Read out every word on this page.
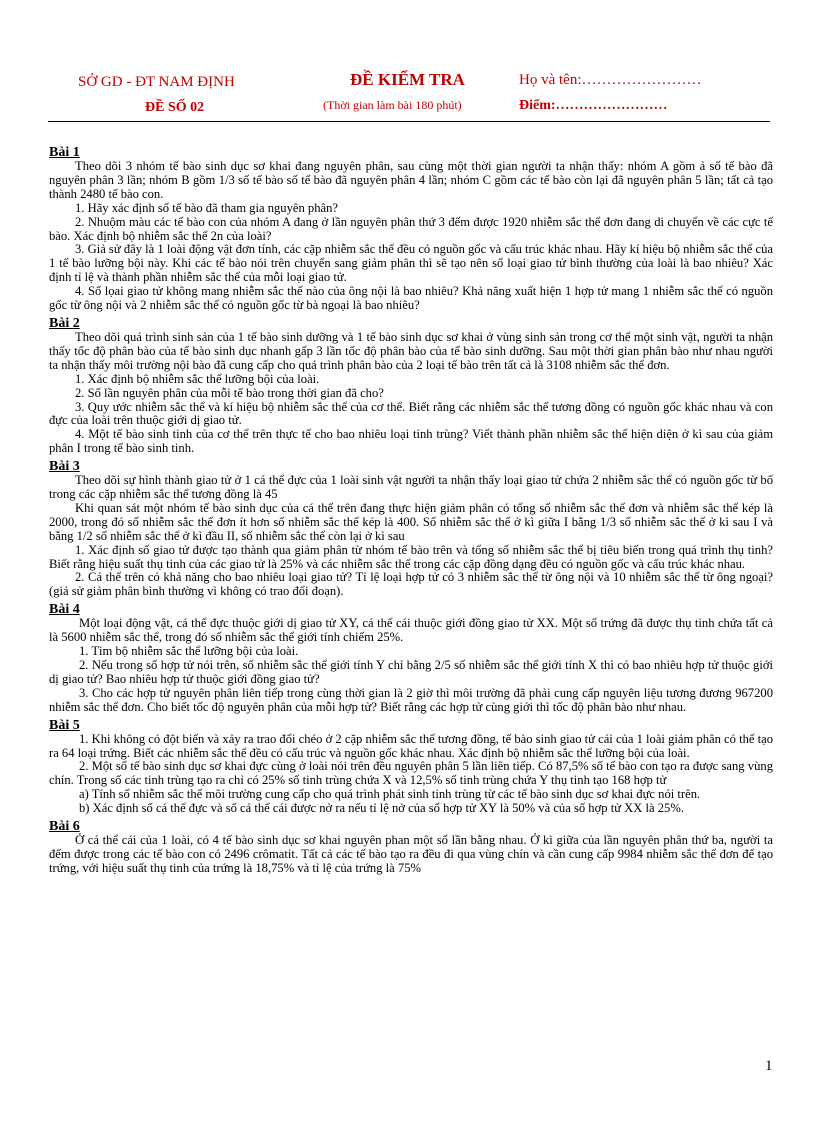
SỞ GD - ĐT NAM ĐỊNH
ĐỀ SỐ 02
ĐỀ KIỂM TRA
(Thời gian làm bài 180 phút)
Họ và tên:……………………
Điểm:……………………
Bài 1

Theo dõi 3 nhóm tế bào sinh dục sơ khai đang nguyên phân, sau cùng một thời gian người ta nhận thấy: nhóm A gồm ả số tế bào đã nguyên phân 3 lần; nhóm B gồm 1/3 số tế bào số tế bào đã nguyên phân 4 lần; nhóm C gồm các tế bào còn lại đã nguyên phân 5 lần; tất cả tạo thành 2480 tế bào con.

1. Hãy xác định số tế bào đã tham gia nguyên phân?

2. Nhuộm màu các tế bào con của nhóm A đang ở lần nguyên phân thứ 3 đếm được 1920 nhiễm sắc thể đơn đang di chuyển về các cực tế bào. Xác định bộ nhiễm sắc thể 2n của loài?

3. Giả sử đây là 1 loài động vật đơn tính, các cặp nhiễm sắc thể đều có nguồn gốc và cấu trúc khác nhau. Hãy kí hiệu bộ nhiễm sắc thể của 1 tế bào lưỡng bội này. Khi các tế bào nói trên chuyển sang giảm phân thì sẽ tạo nên số loại giao tử bình thường của loài là bao nhiêu? Xác định tỉ lệ và thành phần nhiễm sắc thể của mỗi loại giao tử.

4. Số lọai giao tử không mang nhiễm sắc thể nào của ông nội là bao nhiêu? Khả năng xuất hiện 1 hợp tử mang 1 nhiễm sắc thể có nguồn gốc từ ông nội và 2 nhiễm sắc thể có nguồn gốc từ bà ngoại là bao nhiêu?

Bài 2

Theo dõi quá trình sinh sản của 1 tế bào sinh dưỡng và 1 tế bào sinh dục sơ khai ở vùng sinh sản trong cơ thể một sinh vật, người ta nhận thấy tốc độ phân bào của tế bào sinh dục nhanh gấp 3 lần tốc độ phân bào của tế bào sinh dưỡng. Sau một thời gian phân bào như nhau người ta nhận thấy môi trường nội bào đã cung cấp cho quá trình phân bào của 2 loại tế bào trên tất cả là 3108 nhiễm sắc thể đơn.

1. Xác định bộ nhiễm sắc thể lưỡng bội của loài.

2. Số lần nguyên phân của mỗi tế bào trong thời gian đã cho?

3. Quy ước nhiễm sắc thể và kí hiệu bộ nhiễm sắc thể của cơ thể. Biết rằng các nhiễm sắc thể tương đồng có nguồn gốc khác nhau và con đực của loài trên thuộc giới dị giao tử.

4. Một tế bào sinh tinh của cơ thể trên thực tế cho bao nhiêu loại tinh trùng? Viết thành phần nhiễm sắc thể hiện diện ở kì sau của giảm phân I trong tế bào sinh tinh.

Bài 3

Theo dõi sự hình thành giao tử ở 1 cá thể đực của 1 loài sinh vật người ta nhận thấy loại giao tử chứa 2 nhiễm sắc thể có nguồn gốc từ bố trong các cặp nhiễm sắc thể tương đồng là 45

Khi quan sát một nhóm tế bào sinh dục của cá thể trên đang thực hiện giảm phân có tổng số nhiễm sắc thể đơn và nhiễm sắc thể kép là 2000, trong đó số nhiễm sắc thể đơn ít hơn số nhiễm sắc thể kép là 400. Số nhiễm sắc thể ở kì giữa I bằng 1/3 số nhiễm sắc thể ở kì sau I và bằng 1/2 số nhiễm sắc thể ở kì đầu II, số nhiễm sắc thể còn lại ở kì sau

1. Xác định số giao tử được tạo thành qua giảm phân từ nhóm tế bào trên và tổng số nhiễm sắc thể bị tiêu biến trong quá trình thụ tinh? Biết rằng hiệu suất thụ tinh của các giao tử là 25% và các nhiễm sắc thể trong các cặp đồng dạng đều có nguồn gốc và cấu trúc khác nhau.

2. Cá thể trên có khả năng cho bao nhiêu loại giao tử? Tỉ lệ loại hợp tử có 3 nhiễm sắc thể từ ông nội và 10 nhiễm sắc thể từ ông ngoại? (giả sử giảm phân bình thường vì không có trao đổi đoạn).

Bài 4

Một loại động vật, cá thể đực thuộc giới dị giao tử XY, cá thể cái thuộc giới đồng giao tử XX. Một số trứng đã được thụ tinh chứa tất cả là 5600 nhiễm sắc thể, trong đó số nhiễm sắc thể giới tính chiếm 25%.

1. Tìm bộ nhiễm sắc thể lưỡng bội của loài.

2. Nếu trong số hợp tử nói trên, số nhiễm sắc thể giới tính Y chỉ bằng 2/5 số nhiễm sắc thể giới tính X thì có bao nhiêu hợp tử thuộc giới dị giao tử? Bao nhiêu hợp tử thuộc giới đồng giao tử?

3. Cho các hợp tử nguyên phân liên tiếp trong cùng thời gian là 2 giờ thì môi trường đã phải cung cấp nguyên liệu tương đương 967200 nhiễm sắc thể đơn. Cho biết tốc độ nguyên phân của mỗi hợp tử? Biết rằng các hợp tử cùng giới thì tốc độ phân bào như nhau.

Bài 5

1. Khi không có đột biến và xảy ra trao đổi chéo ở 2 cặp nhiễm sắc thể tương đồng, tế bào sinh giao tử cái của 1 loài giảm phân có thể tạo ra 64 loại trứng. Biết các nhiễm sắc thể đều có cấu trúc và nguồn gốc khác nhau. Xác định bộ nhiễm sắc thể lưỡng bội của loài.

2. Một số tế bào sinh dục sơ khai đực cùng ở loài nói trên đều nguyên phân 5 lần liên tiếp. Có 87,5% số tế bào con tạo ra được sang vùng chín. Trong số các tinh trùng tạo ra chỉ có 25% số tinh trùng chứa X và 12,5% số tinh trùng chứa Y thụ tinh tạo 168 hợp tử

a) Tính số nhiễm sắc thể môi trường cung cấp cho quá trình phát sinh tinh trùng từ các tế bào sinh dục sơ khai đực nói trên.

b) Xác định số cá thể đực và số cá thể cái được nở ra nếu tỉ lệ nở của số hợp tử XY là 50% và của số hợp tử XX là 25%.

Bài 6

Ở cá thể cái của 1 loài, có 4 tế bào sinh dục sơ khai nguyên phan một số lần bằng nhau. Ở kì giữa của lần nguyên phân thứ ba, người ta đếm được trong các tế bào con có 2496 crômatit. Tất cả các tế bào tạo ra đều đi qua vùng chín và cần cung cấp 9984 nhiễm sắc thể đơn để tạo trứng, với hiệu suất thụ tinh của trứng là 18,75% và tỉ lệ của trứng là 75%

1
